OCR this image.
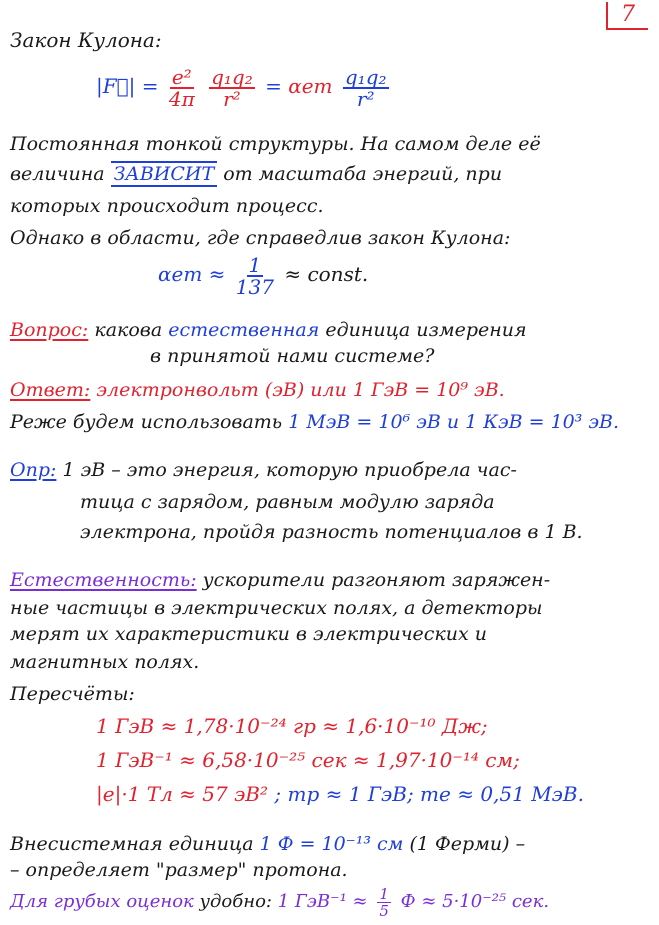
7
Закон Кулона:
|F⃗| = $\frac{\text{e²}}{4\pi}$
$\frac{\text{q₁q₂}}{\text{r²}} = \alpha em \frac{\text{q₁q₂}}{\text{r²}}$
Постоянная тонкой структуры. На самом деле её
величина ЗАВИСИТ от масштаба энергий, при
которых происходит процесс.
Однако в области, где справедлив закон Кулона:
$\alpha em \approx \frac{1}{137}$ ≈ const.
Вопрос: какова естественная единица измерения
в принятой нами системе?
Ответ: электронвольт (эВ) или 1 ГэВ = 10⁹ эВ.
Реже будем использовать 1 МэВ = 10⁶ эВ и 1 КэВ = 10³ эВ.
Опр: 1 эВ – это энергия, которую приобрела час-
тица с зарядом, равным модулю заряда
электрона, пройдя разность потенциалов в 1 В.
Естественность: ускорители разгоняют заряжен-
ные частицы в электрических полях, а детекторы
мерят их характеристики в электрических и
магнитных полях.
Пересчёты:
1 ГэВ ≈ 1,78·10⁻²⁴ гр ≈ 1,6·10⁻¹⁰ Дж;
1 ГэВ⁻¹ ≈ 6,58·10⁻²⁵ сек ≈ 1,97·10⁻¹⁴ см;
|e|·1 Тл ≈ 57 эВ² ; mp ≈ 1 ГэВ; me ≈ 0,51 МэВ.
Внесистемная единица 1 Ф = 10⁻¹³ см (1 Ферми) –
– определяет "размер" протона.
Для грубых оценок удобно: 1 $ГэВ^{-1} \approx \frac{1}{5}$ Ф ≈ 5·10⁻²⁵ сек.
